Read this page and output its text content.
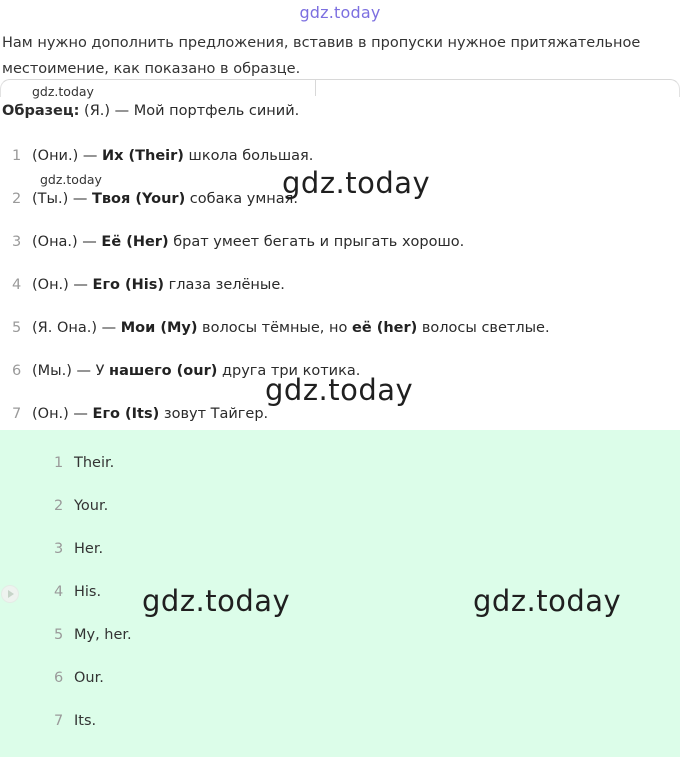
gdz.today

Нам нужно дополнить предложения, вставив в пропуски нужное притяжательное местоимение, как показано в образце.

gdz.today
Образец: (Я.) — Мой портфель синий.
1 (Они.) — Их (Their) школа большая.
gdz.today
2 (Ты.) — Твоя (Your) собака умная.
gdz.today
3 (Она.) — Её (Her) брат умеет бегать и прыгать хорошо.
4 (Он.) — Его (His) глаза зелёные.
5 (Я. Она.) — Мои (My) волосы тёмные, но её (her) волосы светлые.
6 (Мы.) — У нашего (our) друга три котика.
gdz.today
7 (Он.) — Его (Its) зовут Тайгер.
1 Their.
2 Your.
3 Her.
4 His.
5 My, her.
6 Our.
7 Its.
gdz.today	gdz.today
